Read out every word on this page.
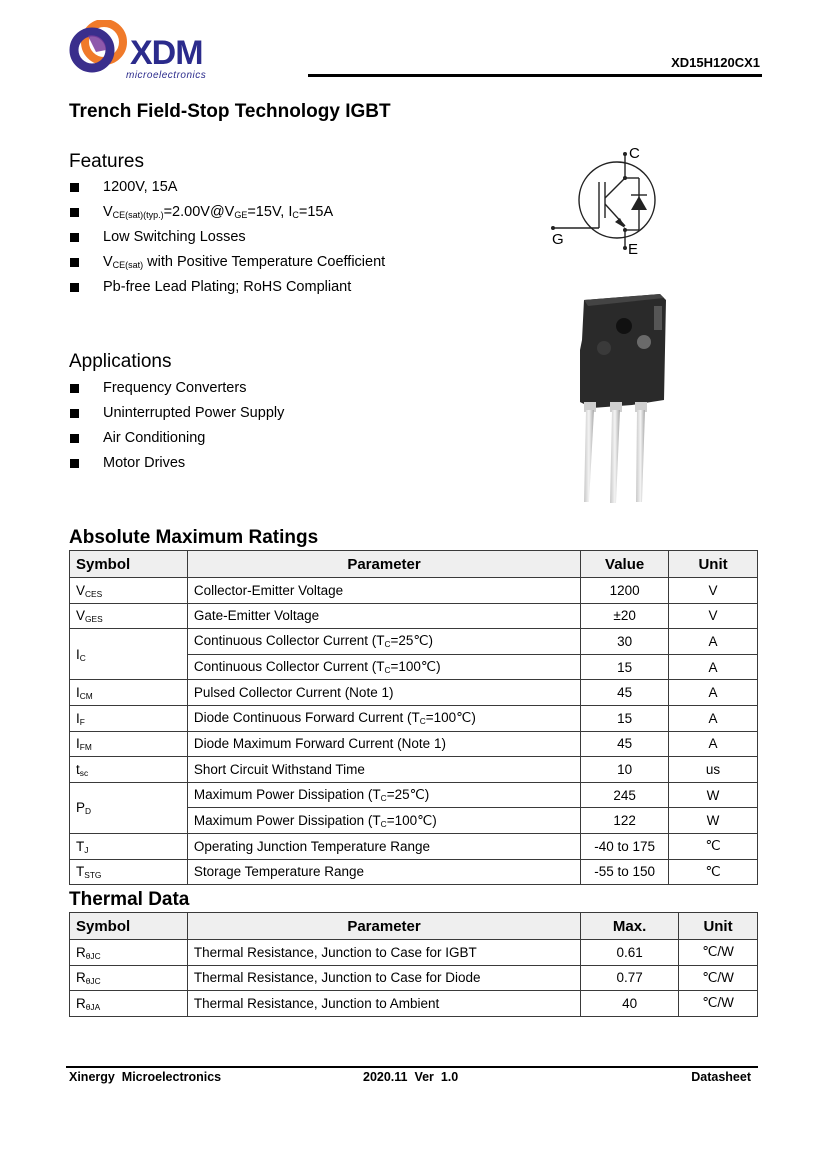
XDM
microelectronics
XD15H120CX1
Trench Field-Stop Technology IGBT
Features
1200V, 15A
$V_{CE(sat)(typ.)}=2.00V@V_{GE}=15V$, $I_C=15A$
Low Switching Losses
$V_{CE(sat)}$ with Positive Temperature Coefficient
Pb-free Lead Plating; RoHS Compliant
C
G
E
Applications
Frequency Converters
Uninterrupted Power Supply
Air Conditioning
Motor Drives
Absolute Maximum Ratings
Symbol	Parameter	Value	Unit
$V_{CES}$	Collector-Emitter Voltage	1200	V
$V_{GES}$	Gate-Emitter Voltage	±20	V
$I_C$	Continuous Collector Current $(T_C=25℃)$	30	A
	Continuous Collector Current $(T_C=100℃)$	15	A
$I_{CM}$	Pulsed Collector Current (Note 1)	45	A
$I_F$	Diode Continuous Forward Current $(T_C=100℃)$	15	A
$I_{FM}$	Diode Maximum Forward Current (Note 1)	45	A
$t_{sc}$	Short Circuit Withstand Time	10	us
$P_D$	Maximum Power Dissipation $(T_C=25℃)$	245	W
	Maximum Power Dissipation $(T_C=100℃)$	122	W
$T_J$	Operating Junction Temperature Range	-40 to 175	℃
$T_{STG}$	Storage Temperature Range	-55 to 150	℃
Thermal Data
Symbol	Parameter	Max.	Unit
$R_{\theta JC}$	Thermal Resistance, Junction to Case for IGBT	0.61	℃/W
$R_{\theta JC}$	Thermal Resistance, Junction to Case for Diode	0.77	℃/W
$R_{\theta JA}$	Thermal Resistance, Junction to Ambient	40	℃/W
Xinergy  Microelectronics	2020.11  Ver  1.0	Datasheet
